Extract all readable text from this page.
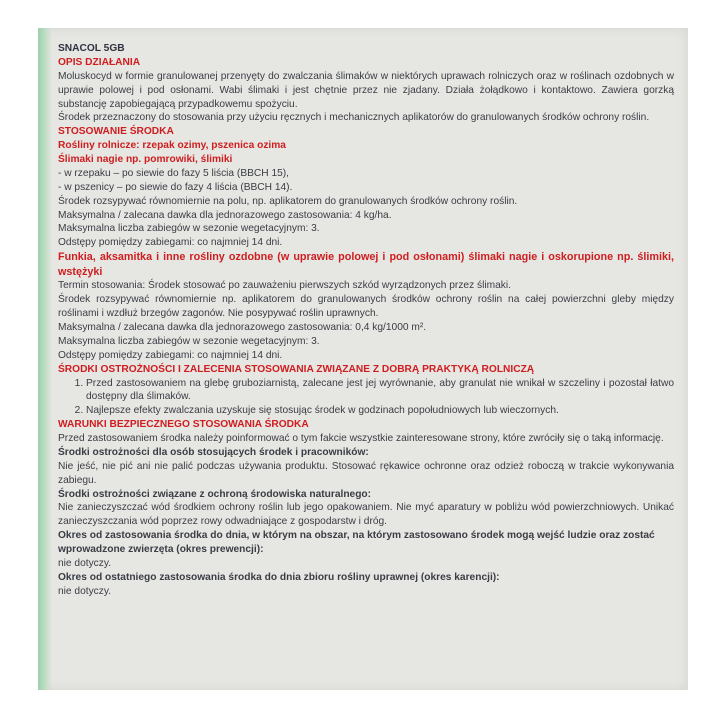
SNACOL 5GB

OPIS DZIAŁANIA

Moluskocyd w formie granulowanej przenyęty do zwalczania ślimaków w niektórych uprawach rolniczych oraz w roślinach ozdobnych w uprawie polowej i pod osłonami. Wabi ślimaki i jest chętnie przez nie zjadany. Działa żołądkowo i kontaktowo. Zawiera gorzką substancję zapobiegającą przypadkowemu spożyciu.

Środek przeznaczony do stosowania przy użyciu ręcznych i mechanicznych aplikatorów do granulowanych środków ochrony roślin.

STOSOWANIE ŚRODKA

Rośliny rolnicze: rzepak ozimy, pszenica ozima

Ślimaki nagie np. pomrowiki, ślimiki

- w rzepaku – po siewie do fazy 5 liścia (BBCH 15),

- w pszenicy – po siewie do fazy 4 liścia (BBCH 14).

Środek rozsypywać równomiernie na polu, np. aplikatorem do granulowanych środków ochrony roślin.

Maksymalna / zalecana dawka dla jednorazowego zastosowania: 4 kg/ha.

Maksymalna liczba zabiegów w sezonie wegetacyjnym: 3.

Odstępy pomiędzy zabiegami: co najmniej 14 dni.

Funkia, aksamitka i inne rośliny ozdobne (w uprawie polowej i pod osłonami) ślimaki nagie i oskorupione np. ślimiki, wstężyki

Termin stosowania: Środek stosować po zauważeniu pierwszych szkód wyrządzonych przez ślimaki.

Środek rozsypywać równomiernie np. aplikatorem do granulowanych środków ochrony roślin na całej powierzchni gleby między roślinami i wzdłuż brzegów zagonów. Nie posypywać roślin uprawnych.

Maksymalna / zalecana dawka dla jednorazowego zastosowania: 0,4 kg/1000 m².

Maksymalna liczba zabiegów w sezonie wegetacyjnym: 3.

Odstępy pomiędzy zabiegami: co najmniej 14 dni.

ŚRODKI OSTROŻNOŚCI I ZALECENIA STOSOWANIA ZWIĄZANE Z DOBRĄ PRAKTYKĄ ROLNICZĄ

1. Przed zastosowaniem na glebę gruboziarnistą, zalecane jest jej wyrównanie, aby granulat nie wnikał w szczeliny i pozostał łatwo dostępny dla ślimaków.
2. Najlepsze efekty zwalczania uzyskuje się stosując środek w godzinach popołudniowych lub wieczornych.

WARUNKI BEZPIECZNEGO STOSOWANIA ŚRODKA

Przed zastosowaniem środka należy poinformować o tym fakcie wszystkie zainteresowane strony, które zwróciły się o taką informację.

Środki ostrożności dla osób stosujących środek i pracowników:

Nie jeść, nie pić ani nie palić podczas używania produktu. Stosować rękawice ochronne oraz odzież roboczą w trakcie wykonywania zabiegu.

Środki ostrożności związane z ochroną środowiska naturalnego:

Nie zanieczyszczać wód środkiem ochrony roślin lub jego opakowaniem. Nie myć aparatury w pobliżu wód powierzchniowych. Unikać zanieczyszczania wód poprzez rowy odwadniające z gospodarstw i dróg.

Okres od zastosowania środka do dnia, w którym na obszar, na którym zastosowano środek mogą wejść ludzie oraz zostać wprowadzone zwierzęta (okres prewencji):

nie dotyczy.

Okres od ostatniego zastosowania środka do dnia zbioru rośliny uprawnej (okres karencji):

nie dotyczy.
